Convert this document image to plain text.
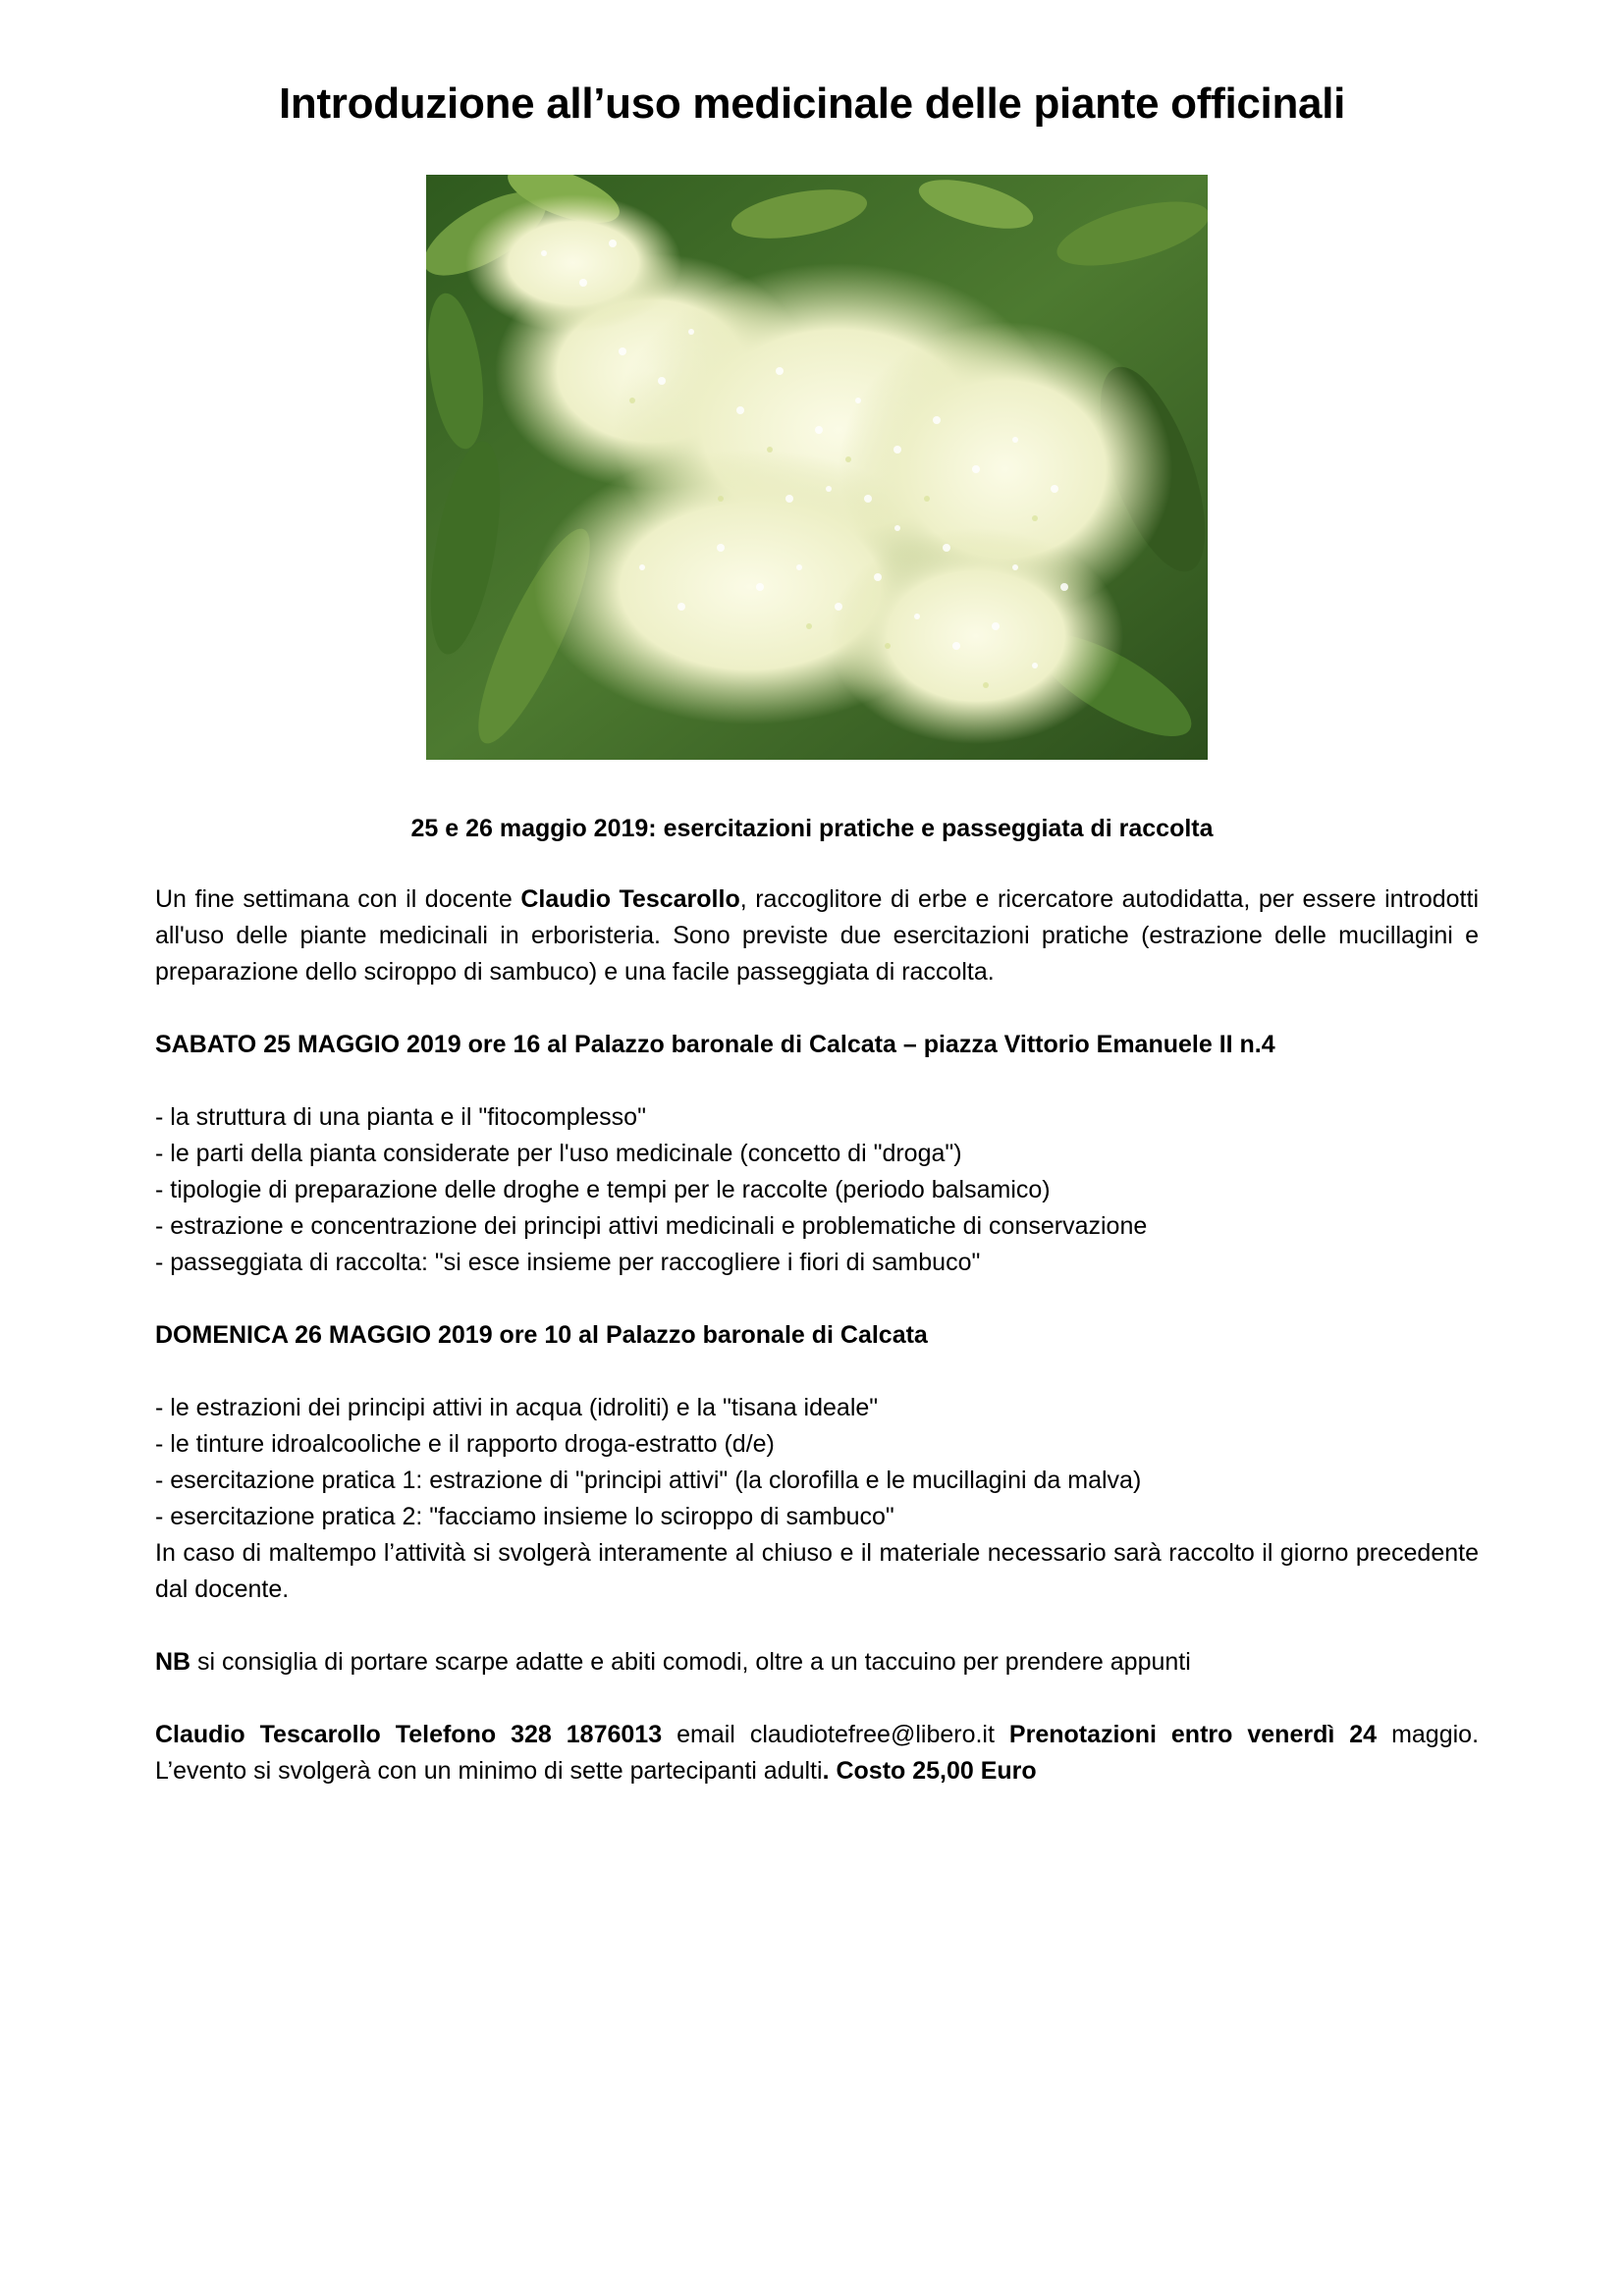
Introduzione all’uso medicinale delle piante officinali
25 e 26 maggio 2019: esercitazioni pratiche e passeggiata di raccolta

Un fine settimana con il docente Claudio Tescarollo, raccoglitore di erbe e ricercatore autodidatta, per essere introdotti all'uso delle piante medicinali in erboristeria. Sono previste due esercitazioni pratiche (estrazione delle mucillagini e preparazione dello sciroppo di sambuco) e una facile passeggiata di raccolta.

SABATO 25 MAGGIO 2019 ore 16 al Palazzo baronale di Calcata – piazza Vittorio Emanuele II n.4

- la struttura di una pianta e il "fitocomplesso"
- le parti della pianta considerate per l'uso medicinale (concetto di "droga")
- tipologie di preparazione delle droghe e tempi per le raccolte (periodo balsamico)
- estrazione e concentrazione dei principi attivi medicinali e problematiche di conservazione
- passeggiata di raccolta: "si esce insieme per raccogliere i fiori di sambuco"

DOMENICA 26 MAGGIO 2019 ore 10 al Palazzo baronale di Calcata

- le estrazioni dei principi attivi in acqua (idroliti) e la "tisana ideale"
- le tinture idroalcooliche e il rapporto droga-estratto (d/e)
- esercitazione pratica 1: estrazione di "principi attivi" (la clorofilla e le mucillagini da malva)
- esercitazione pratica 2: "facciamo insieme lo sciroppo di sambuco"

In caso di maltempo l’attività si svolgerà interamente al chiuso e il materiale necessario sarà raccolto il giorno precedente dal docente.

NB si consiglia di portare scarpe adatte e abiti comodi, oltre a un taccuino per prendere appunti

Claudio Tescarollo Telefono 328 1876013 email claudiotefree@libero.it Prenotazioni entro venerdì 24 maggio. L’evento si svolgerà con un minimo di sette partecipanti adulti. Costo 25,00 Euro
